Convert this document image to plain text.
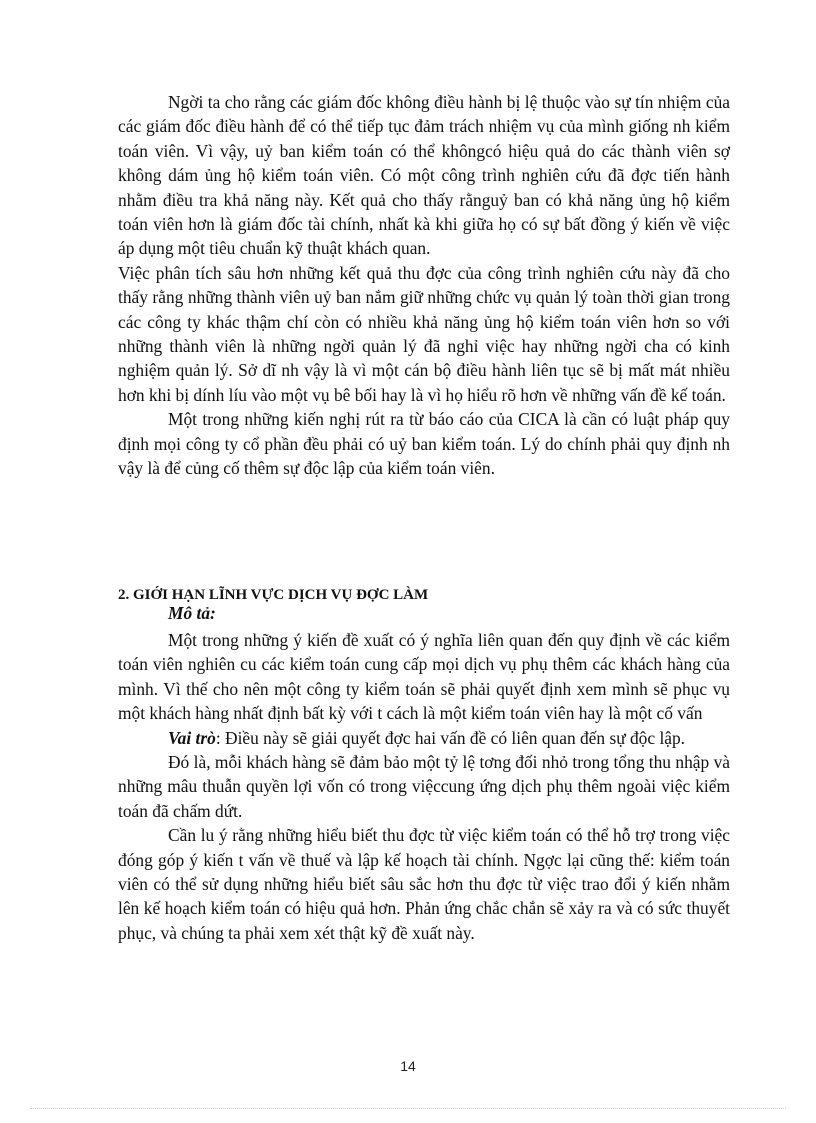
Ngời ta cho rằng các giám đốc không điều hành bị lệ thuộc vào sự tín nhiệm của các giám đốc điều hành để có thể tiếp tục đảm trách nhiệm vụ của mình giống nh kiểm toán viên. Vì vậy, uỷ ban kiểm toán có thể khôngcó hiệu quả do các thành viên sợ không dám ủng hộ kiểm toán viên. Có một công trình nghiên cứu đã đợc tiến hành nhằm điều tra khả năng này. Kết quả cho thấy rằnguỷ ban có khả năng ủng hộ kiểm toán viên hơn là giám đốc tài chính, nhất kà khi giữa họ có sự bất đồng ý kiến về việc áp dụng một tiêu chuẩn kỹ thuật khách quan.

Việc phân tích sâu hơn những kết quả thu đợc của công trình nghiên cứu này đã cho thấy rằng những thành viên uỷ ban nắm giữ những chức vụ quản lý toàn thời gian trong các công ty khác thậm chí còn có nhiều khả năng ủng hộ kiểm toán viên hơn so với những thành viên là những ngời quản lý đã nghỉ việc hay những ngời cha có kinh nghiệm quản lý. Sở dĩ nh vậy là vì một cán bộ điều hành liên tục sẽ bị mất mát nhiều hơn khi bị dính líu vào một vụ bê bối hay là vì họ hiểu rõ hơn về những vấn đề kế toán.

Một trong những kiến nghị rút ra từ báo cáo của CICA là cần có luật pháp quy định mọi công ty cổ phần đều phải có uỷ ban kiểm toán. Lý do chính phải quy định nh vậy là để củng cố thêm sự độc lập của kiểm toán viên.

2. GIỚI HẠN LĨNH VỰC DỊCH VỤ ĐỢC LÀM

Mô tả:

Một trong những ý kiến đề xuất có ý nghĩa liên quan đến quy định về các kiểm toán viên nghiên cu các kiểm toán cung cấp mọi dịch vụ phụ thêm các khách hàng của mình. Vì thế cho nên một công ty kiểm toán sẽ phải quyết định xem mình sẽ phục vụ một khách hàng nhất định bất kỳ với t cách là một kiểm toán viên hay là một cố vấn

Vai trò: Điều này sẽ giải quyết đợc hai vấn đề có liên quan đến sự độc lập.

Đó là, mỗi khách hàng sẽ đảm bảo một tỷ lệ tơng đối nhỏ trong tổng thu nhập và những mâu thuẫn quyền lợi vốn có trong việccung ứng dịch phụ thêm ngoài việc kiểm toán đã chấm dứt.

Cần lu ý rằng những hiểu biết thu đợc từ việc kiểm toán có thể hỗ trợ trong việc đóng góp ý kiến t vấn về thuế và lập kế hoạch tài chính. Ngợc lại cũng thế: kiểm toán viên có thể sử dụng những hiểu biết sâu sắc hơn thu đợc từ việc trao đổi ý kiến nhằm lên kế hoạch kiểm toán có hiệu quả hơn. Phản ứng chắc chắn sẽ xảy ra và có sức thuyết phục, và chúng ta phải xem xét thật kỹ đề xuất này.

14
